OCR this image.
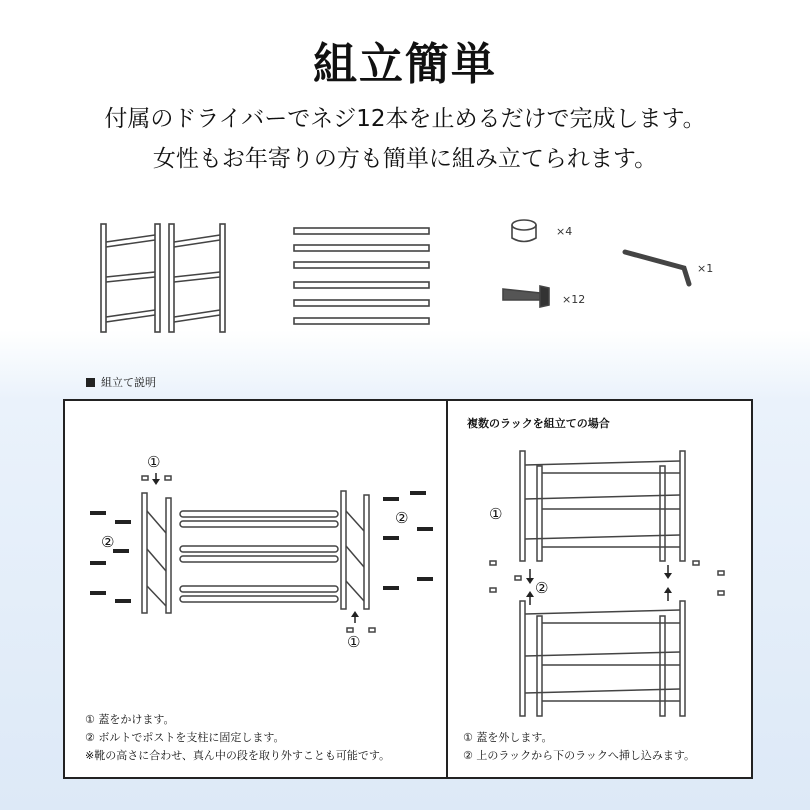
組立簡単
付属のドライバーでネジ12本を止めるだけで完成します。
女性もお年寄りの方も簡単に組み立てられます。
×4
×1
×12
組立て説明
①
②
②
①
① 蓋をかけます。
② ボルトでポストを支柱に固定します。
※靴の高さに合わせ、真ん中の段を取り外すことも可能です。
複数のラックを組立ての場合
①
②
① 蓋を外します。
② 上のラックから下のラックへ挿し込みます。
